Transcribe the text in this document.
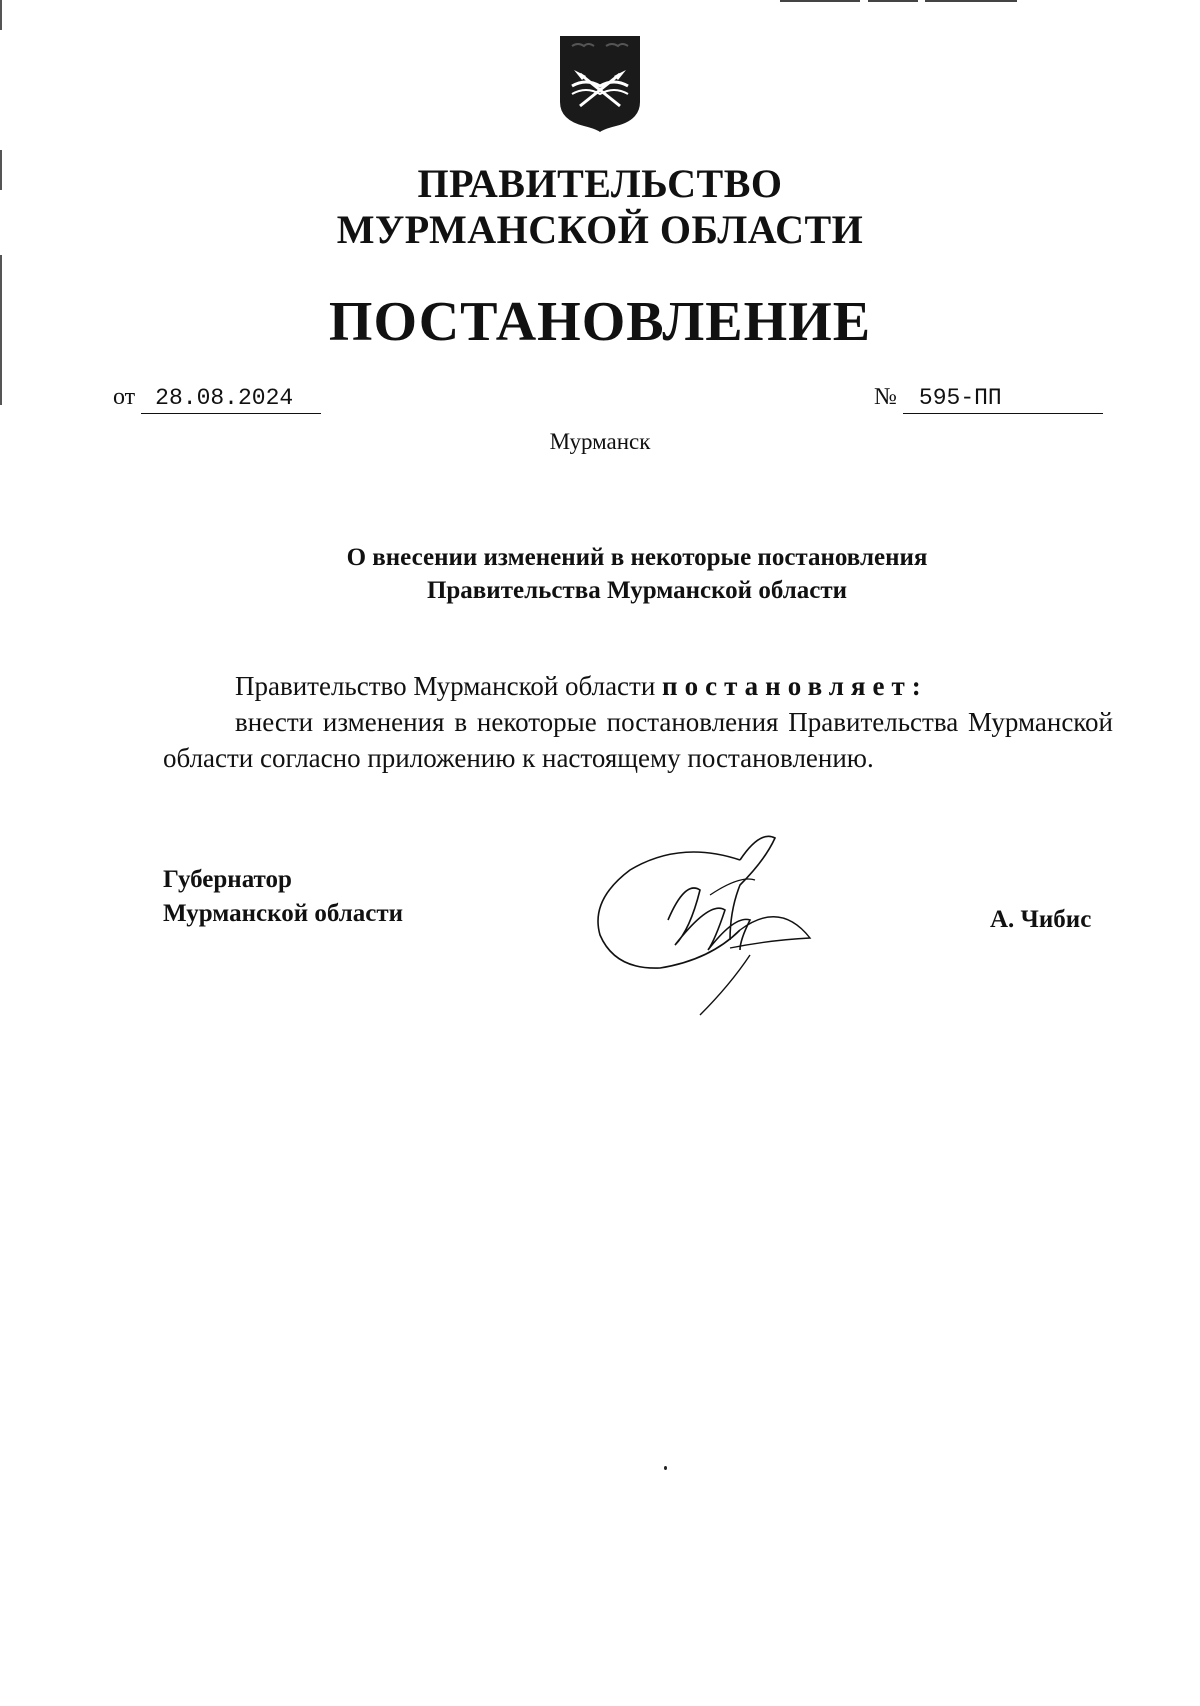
ПРАВИТЕЛЬСТВО
МУРМАНСКОЙ ОБЛАСТИ
ПОСТАНОВЛЕНИЕ
от 28.08.2024	№ 595-ПП
Мурманск
О внесении изменений в некоторые постановления
Правительства Мурманской области
Правительство Мурманской области постановляет:
внести изменения в некоторые постановления Правительства Мурманской области согласно приложению к настоящему постановлению.
Губернатор
Мурманской области	А. Чибис
